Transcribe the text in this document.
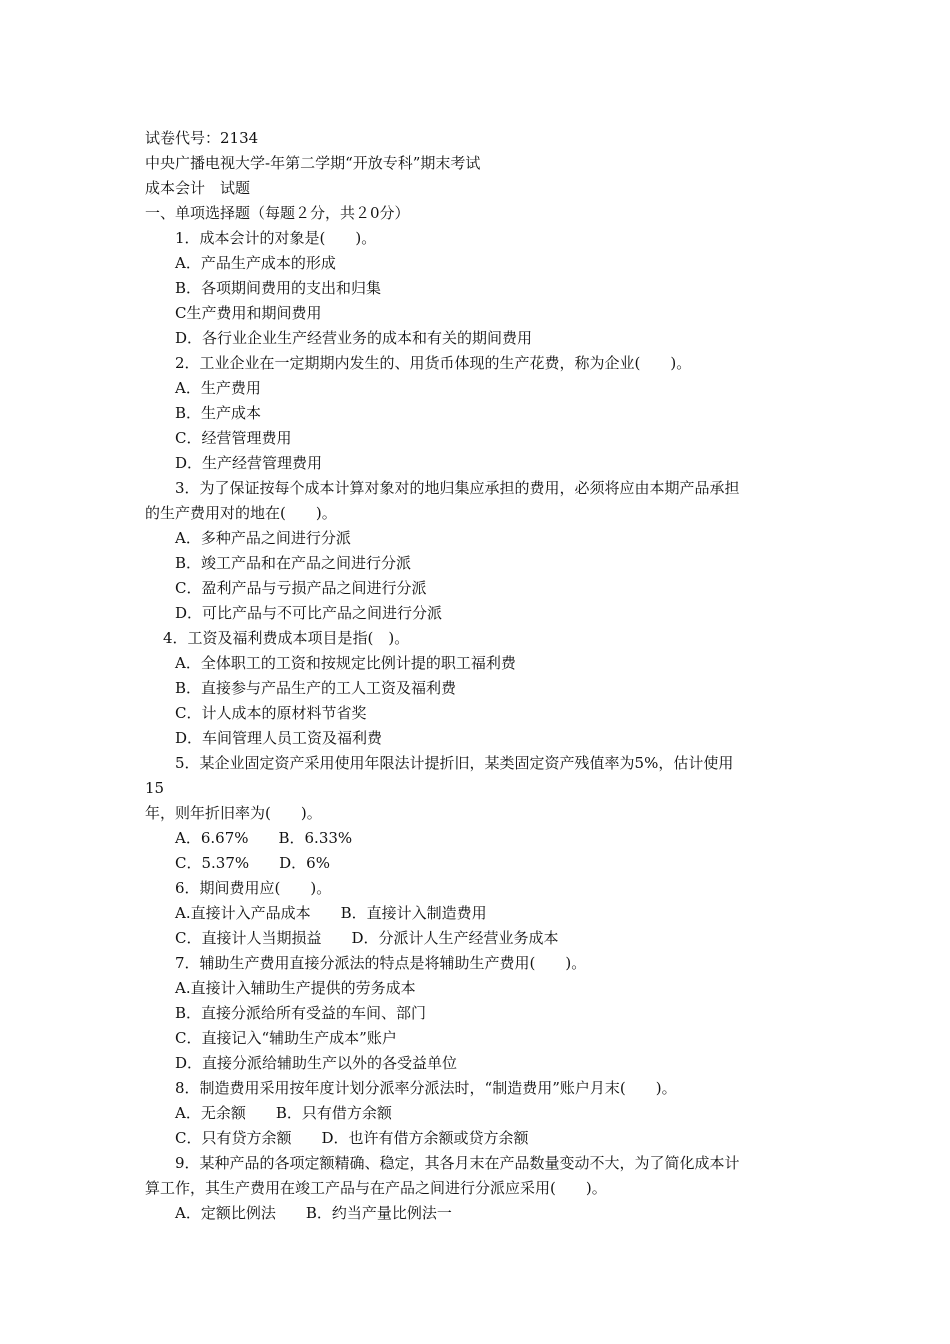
试卷代号：2134
中央广播电视大学-年第二学期“开放专科”期末考试
成本会计　试题
一、单项选择题（每题２分，共２0分）
1．成本会计的对象是(　　)。
A．产品生产成本的形成
B．各项期间费用的支出和归集
C生产费用和期间费用
D．各行业企业生产经营业务的成本和有关的期间费用
2．工业企业在一定期期内发生的、用货币体现的生产花费，称为企业(　　)。
A．生产费用
B．生产成本
C．经营管理费用
D．生产经营管理费用
3．为了保证按每个成本计算对象对的地归集应承担的费用，必须将应由本期产品承担
的生产费用对的地在(　　)。
A．多种产品之间进行分派
B．竣工产品和在产品之间进行分派
C．盈利产品与亏损产品之间进行分派
D．可比产品与不可比产品之间进行分派
4．工资及福利费成本项目是指(　)。
A．全体职工的工资和按规定比例计提的职工福利费
B．直接参与产品生产的工人工资及福利费
C．计人成本的原材料节省奖
D．车间管理人员工资及福利费
5．某企业固定资产采用使用年限法计提折旧，某类固定资产残值率为5%，估计使用
15
年，则年折旧率为(　　)。
A．6.67%　　B．6.33%
C．5.37%　　D．6%
6．期间费用应(　　)。
A.直接计入产品成本　　B．直接计入制造费用
C．直接计人当期损益　　D．分派计人生产经营业务成本
7．辅助生产费用直接分派法的特点是将辅助生产费用(　　)。
A.直接计入辅助生产提供的劳务成本
B．直接分派给所有受益的车间、部门
C．直接记入“辅助生产成本”账户
D．直接分派给辅助生产以外的各受益单位
8．制造费用采用按年度计划分派率分派法时，“制造费用”账户月末(　　)。
A．无余额　　B．只有借方余额
C．只有贷方余额　　D．也许有借方余额或贷方余额
9．某种产品的各项定额精确、稳定，其各月末在产品数量变动不大，为了简化成本计
算工作，其生产费用在竣工产品与在产品之间进行分派应采用(　　)。
A．定额比例法　　B．约当产量比例法一
